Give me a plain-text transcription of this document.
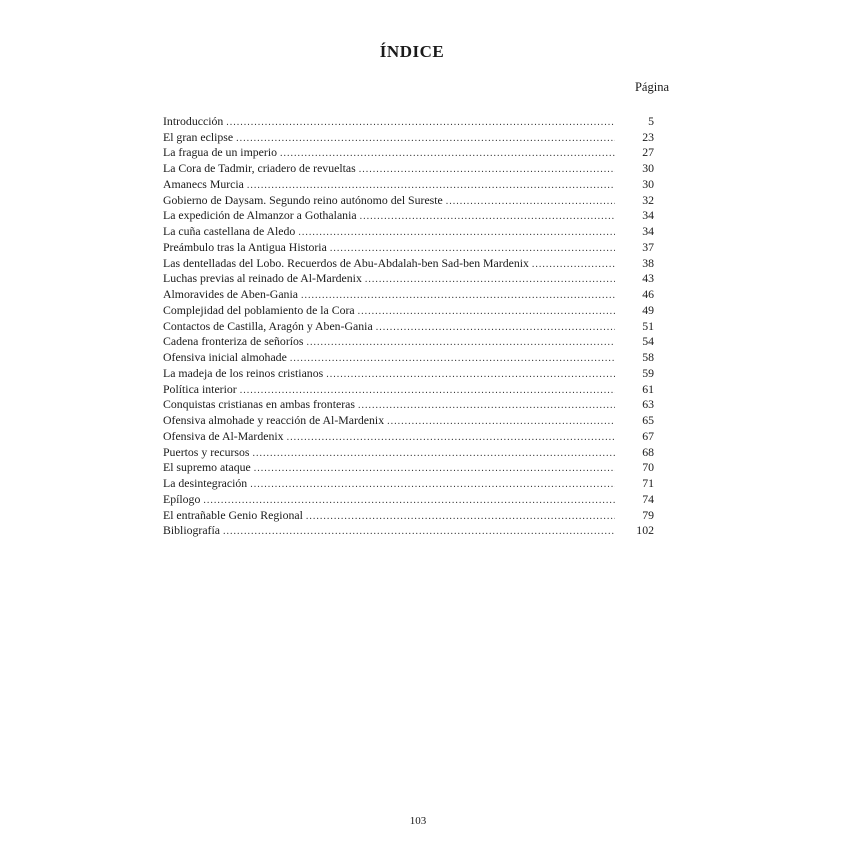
ÍNDICE
Página
Introducción .....	5
El gran eclipse .....	23
La fragua de un imperio .....	27
La Cora de Tadmir, criadero de revueltas .....	30
Amanecs Murcia .....	30
Gobierno de Daysam. Segundo reino autónomo del Sureste .....	32
La expedición de Almanzor a Gothalania .....	34
La cuña castellana de Aledo .....	34
Preámbulo tras la Antigua Historia .....	37
Las dentelladas del Lobo. Recuerdos de Abu-Abdalah-ben Sad-ben Mardenix .....	38
Luchas previas al reinado de Al-Mardenix .....	43
Almoravides de Aben-Gania .....	46
Complejidad del poblamiento de la Cora .....	49
Contactos de Castilla, Aragón y Aben-Gania .....	51
Cadena fronteriza de señoríos .....	54
Ofensiva inicial almohade .....	58
La madeja de los reinos cristianos .....	59
Política interior .....	61
Conquistas cristianas en ambas fronteras .....	63
Ofensiva almohade y reacción de Al-Mardenix .....	65
Ofensiva de Al-Mardenix .....	67
Puertos y recursos .....	68
El supremo ataque .....	70
La desintegración .....	71
Epílogo .....	74
El entrañable Genio Regional .....	79
Bibliografía .....	102
103
